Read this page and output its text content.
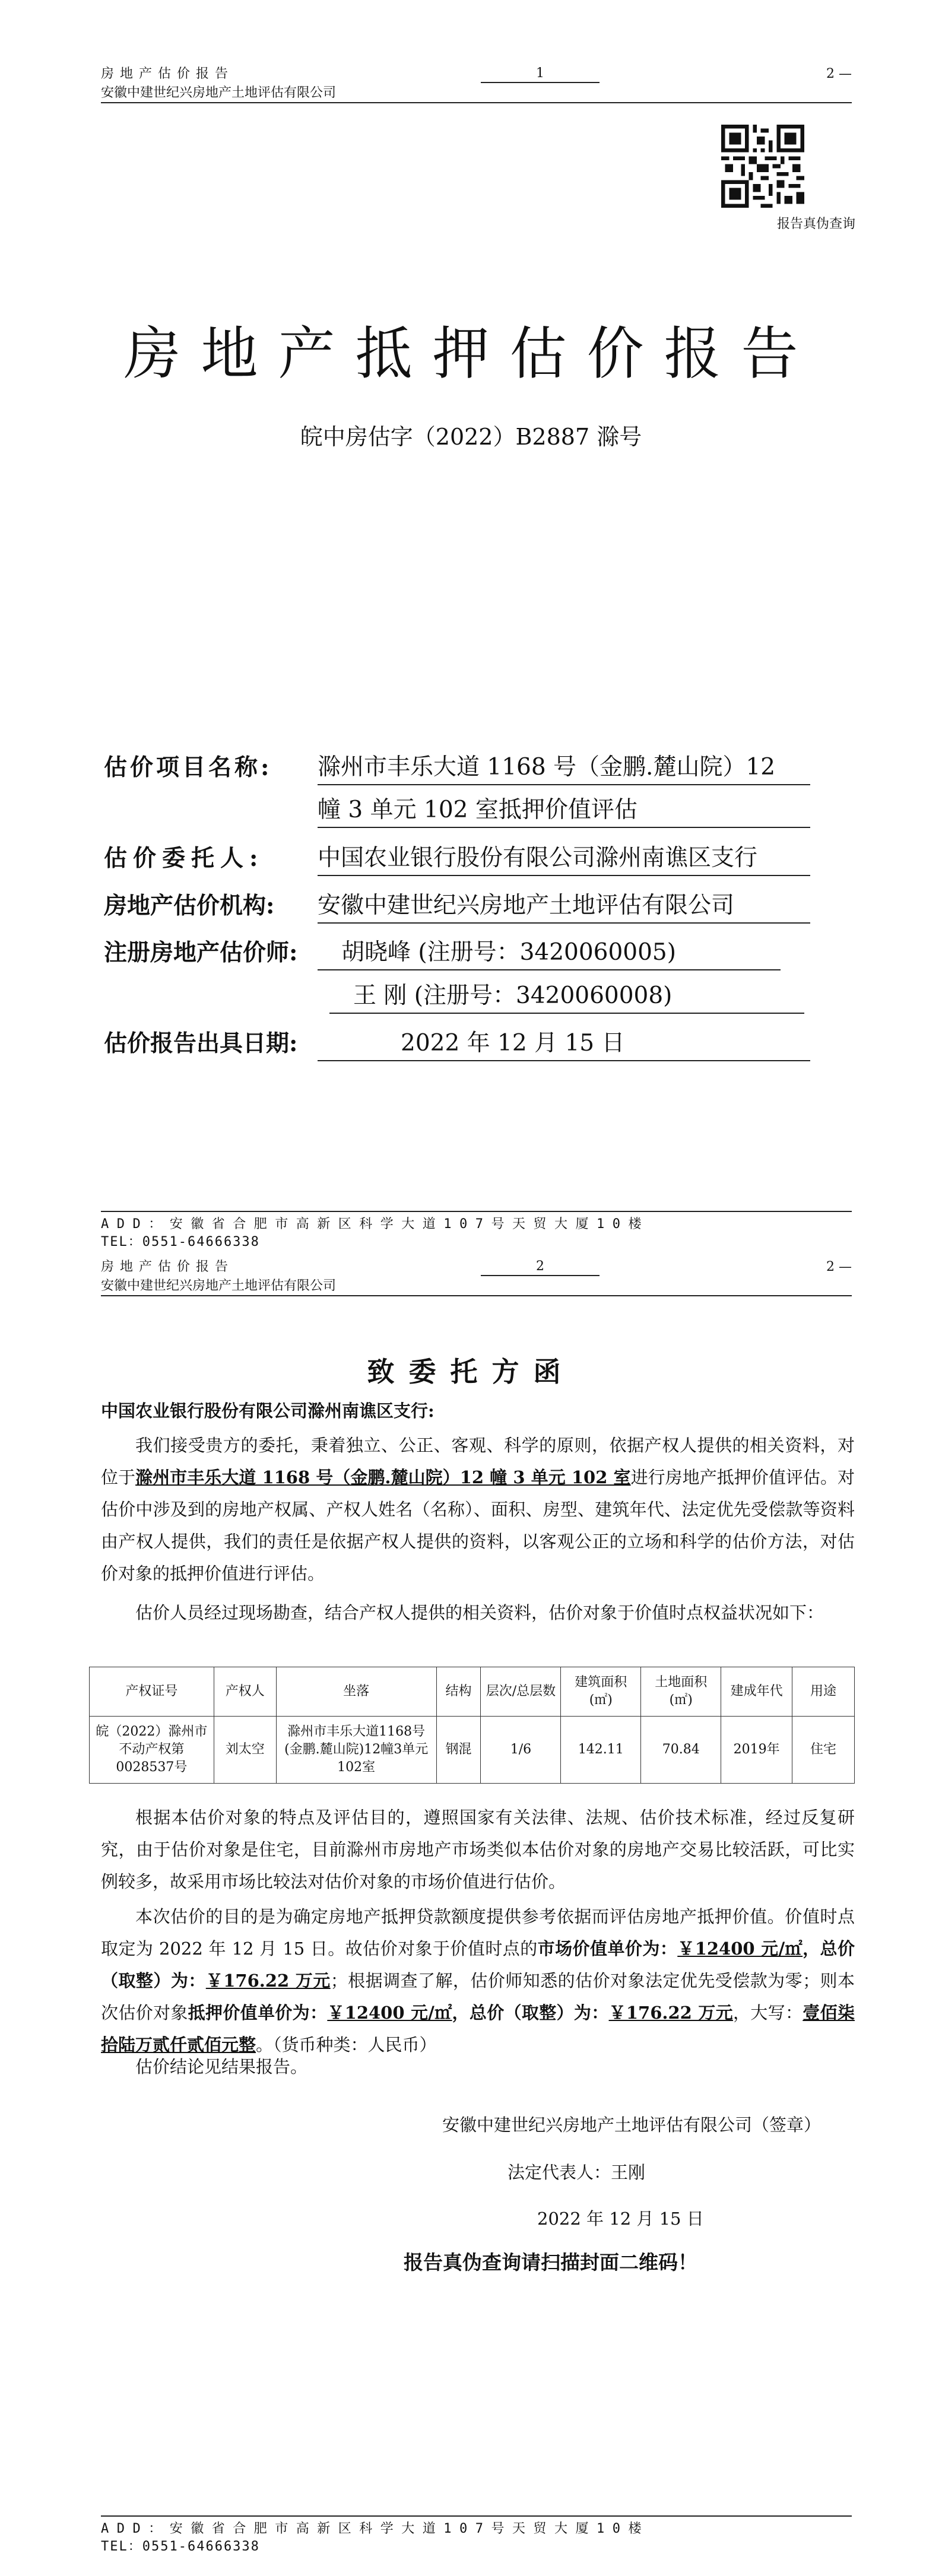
房地产估价报告
安徽中建世纪兴房地产土地评估有限公司
1	2 —
报告真伪查询
房地产抵押估价报告
皖中房估字（2022）B2887 滁号
估价项目名称: 滁州市丰乐大道 1168 号（金鹏.麓山院）12
幢 3 单元 102 室抵押价值评估
估价委托人: 中国农业银行股份有限公司滁州南谯区支行
房地产估价机构: 安徽中建世纪兴房地产土地评估有限公司
注册房地产估价师:	胡晓峰 (注册号：3420060005)
王 刚 (注册号：3420060008)
估价报告出具日期:	2022 年 12 月 15 日
ADD：安徽省合肥市高新区科学大道107号天贸大厦10楼
TEL：0551-64666338
房地产估价报告
安徽中建世纪兴房地产土地评估有限公司
2	2 —
致委托方函
中国农业银行股份有限公司滁州南谯区支行:
我们接受贵方的委托，秉着独立、公正、客观、科学的原则，依据产权人提供的相关资料，对位于滁州市丰乐大道 1168 号（金鹏.麓山院）12 幢 3 单元 102 室进行房地产抵押价值评估。对估价中涉及到的房地产权属、产权人姓名（名称）、面积、房型、建筑年代、法定优先受偿款等资料由产权人提供，我们的责任是依据产权人提供的资料，以客观公正的立场和科学的估价方法，对估价对象的抵押价值进行评估。
估价人员经过现场勘查，结合产权人提供的相关资料，估价对象于价值时点权益状况如下：
产权证号	产权人	坐落	结构	层次/总层数	建筑面积(㎡)	土地面积(㎡)	建成年代	用途
皖（2022）滁州市不动产权第0028537号	刘太空	滁州市丰乐大道1168号(金鹏.麓山院)12幢3单元102室	钢混	1/6	142.11	70.84	2019年	住宅
根据本估价对象的特点及评估目的，遵照国家有关法律、法规、估价技术标准，经过反复研究，由于估价对象是住宅，目前滁州市房地产市场类似本估价对象的房地产交易比较活跃，可比实例较多，故采用市场比较法对估价对象的市场价值进行估价。
本次估价的目的是为确定房地产抵押贷款额度提供参考依据而评估房地产抵押价值。价值时点取定为 2022 年 12 月 15 日。故估价对象于价值时点的市场价值单价为：￥12400 元/㎡，总价（取整）为：￥176.22 万元；根据调查了解，估价师知悉的估价对象法定优先受偿款为零；则本次估价对象抵押价值单价为：￥12400 元/㎡，总价（取整）为：￥176.22 万元，大写：壹佰柒拾陆万贰仟贰佰元整。（货币种类：人民币）
估价结论见结果报告。
安徽中建世纪兴房地产土地评估有限公司（签章）
法定代表人：王刚
2022 年 12 月 15 日
报告真伪查询请扫描封面二维码！
ADD：安徽省合肥市高新区科学大道107号天贸大厦10楼
TEL：0551-64666338
